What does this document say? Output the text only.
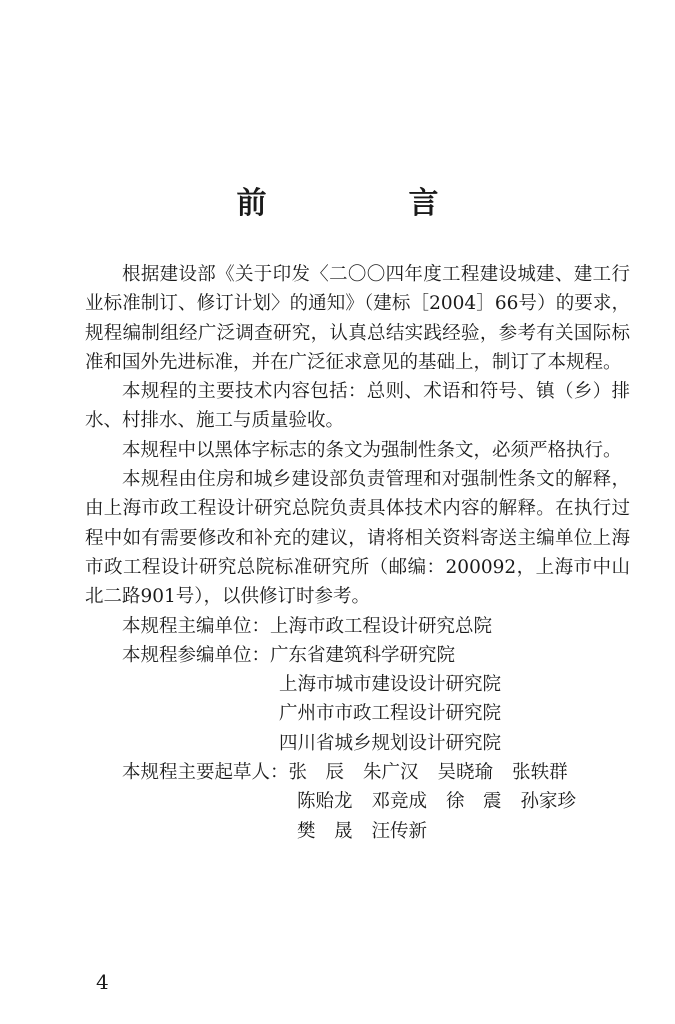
前　言

根据建设部《关于印发〈二〇〇四年度工程建设城建、建工行业标准制订、修订计划〉的通知》（建标［2004］66号）的要求，规程编制组经广泛调查研究，认真总结实践经验，参考有关国际标准和国外先进标准，并在广泛征求意见的基础上，制订了本规程。

本规程的主要技术内容包括：总则、术语和符号、镇（乡）排水、村排水、施工与质量验收。

本规程中以黑体字标志的条文为强制性条文，必须严格执行。

本规程由住房和城乡建设部负责管理和对强制性条文的解释，由上海市政工程设计研究总院负责具体技术内容的解释。在执行过程中如有需要修改和补充的建议，请将相关资料寄送主编单位上海市政工程设计研究总院标准研究所（邮编：200092，上海市中山北二路901号），以供修订时参考。

本规程主编单位： 上海市政工程设计研究总院
本规程参编单位： 广东省建筑科学研究院
上海市城市建设设计研究院
广州市市政工程设计研究院
四川省城乡规划设计研究院
本规程主要起草人： 张　辰 朱广汉 吴晓瑜 张轶群
陈贻龙 邓竞成 徐　震 孙家珍
樊　晟 汪传新
4
